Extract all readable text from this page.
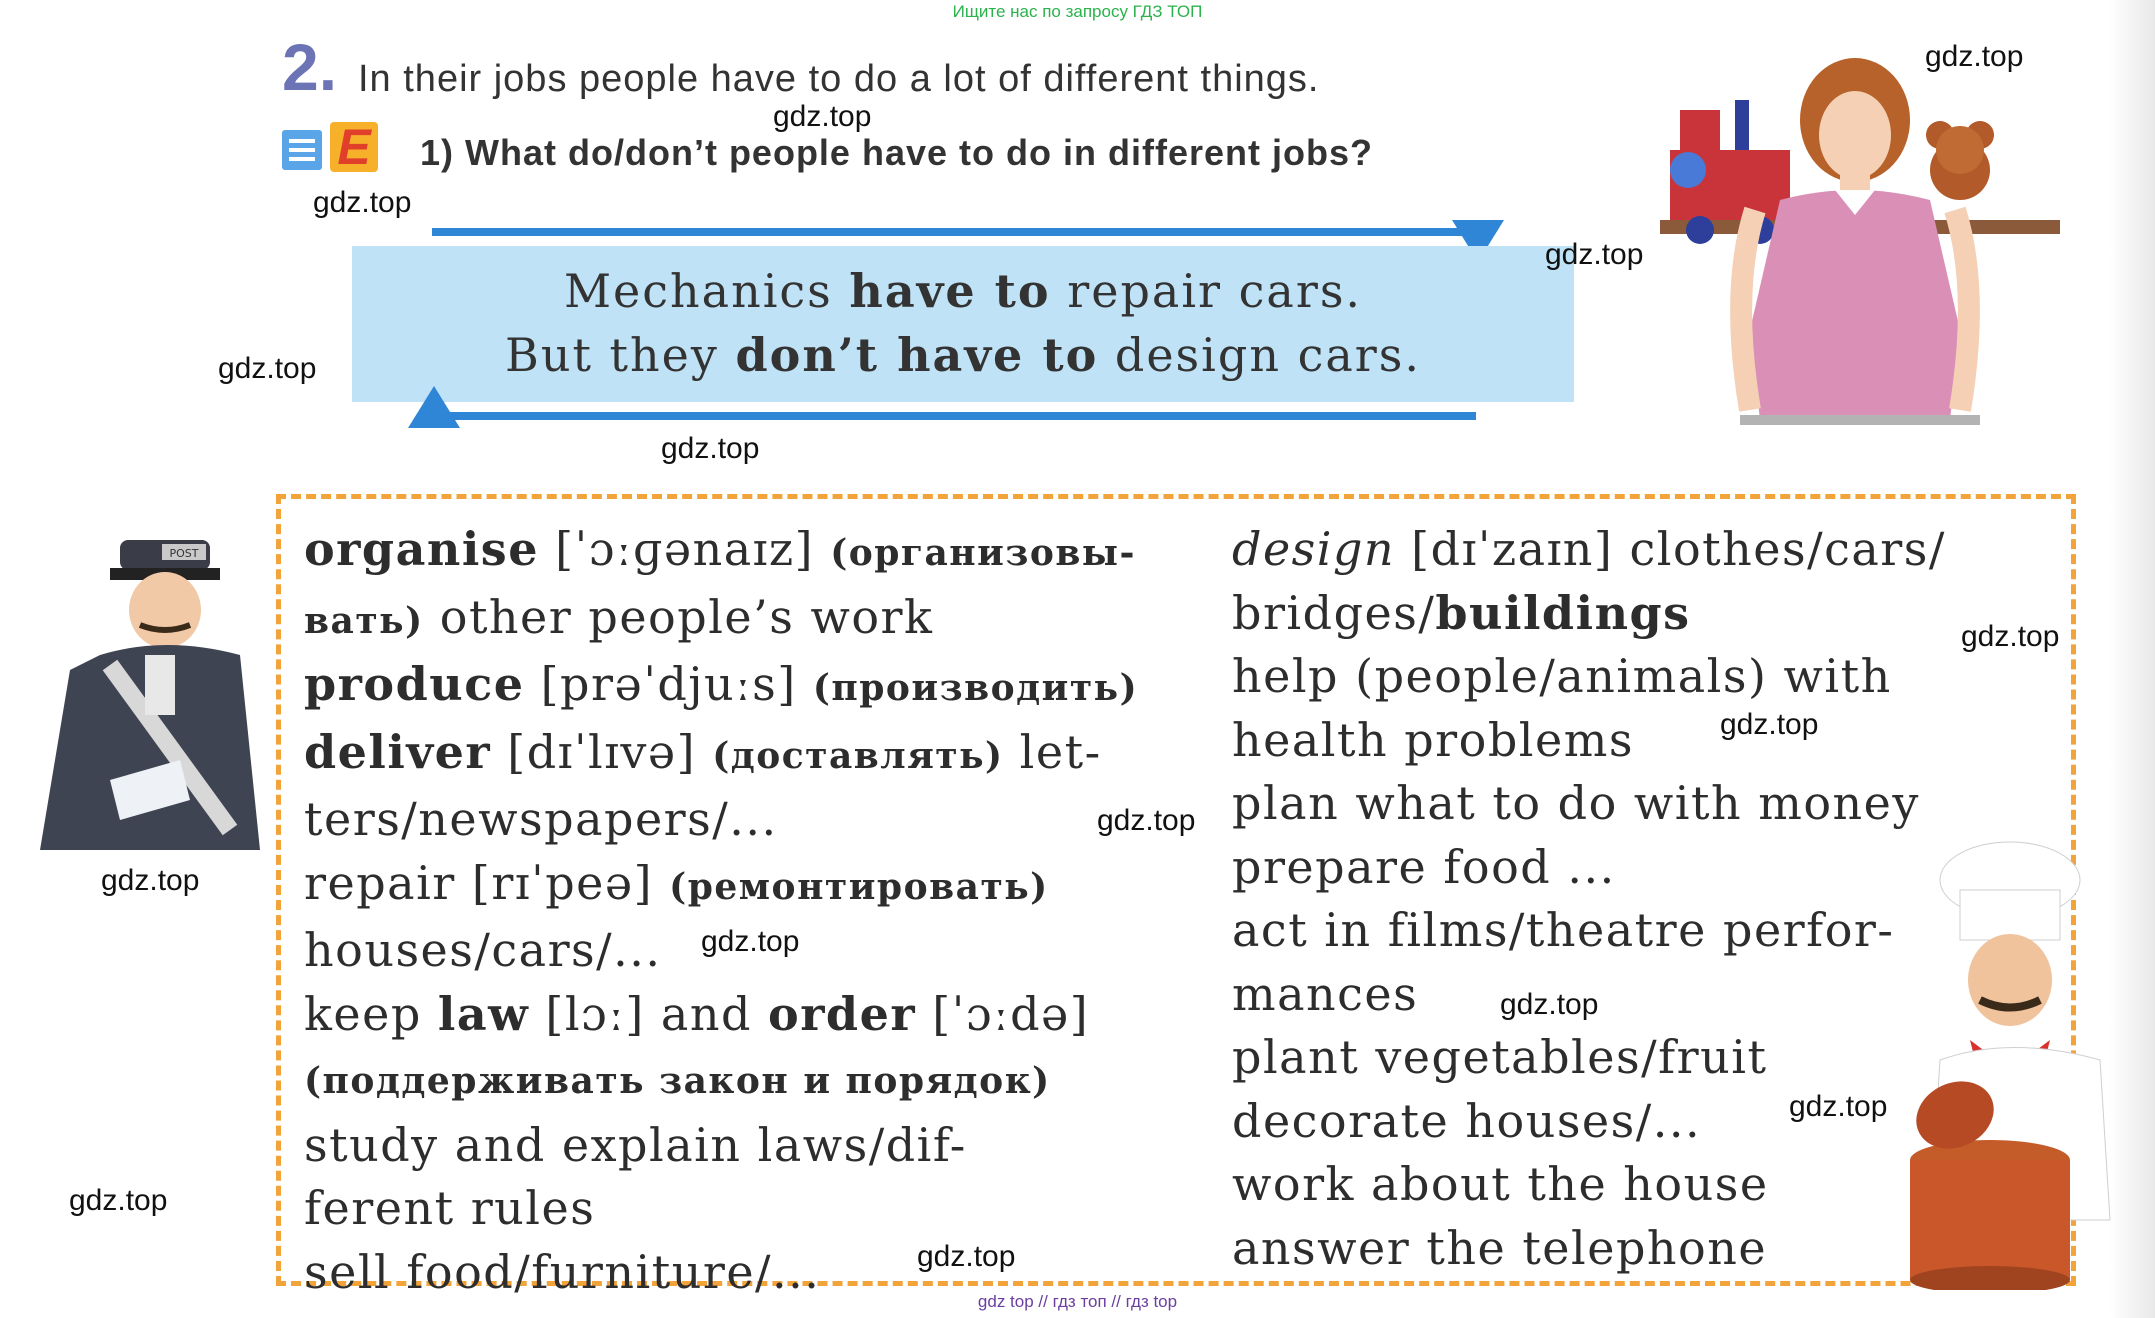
Ищите нас по запросу ГДЗ ТОП
2. In their jobs people have to do a lot of different things.
E 1) What do/don’t people have to do in different jobs?
Mechanics have to repair cars.
But they don’t have to design cars.

organise [ˈɔːɡənaɪz] (организовы-

вать) other people’s work

produce [prəˈdjuːs] (производить)

deliver [dɪˈlɪvə] (доставлять) let-

ters/newspapers/...

repair [rɪˈpeə] (ремонтировать)

houses/cars/...

keep law [lɔː] and order [ˈɔːdə]

(поддерживать закон и порядок)

study and explain laws/dif-

ferent rules

sell food/furniture/...

design [dɪˈzaɪn] clothes/cars/

bridges/buildings

help (people/animals) with

health problems

plan what to do with money

prepare food ...

act in films/theatre perfor-

mances

plant vegetables/fruit

decorate houses/...

work about the house

answer the telephone

POST
gdz.top
gdz.top
gdz.top
gdz.top
gdz.top
gdz.top
gdz.top
gdz.top
gdz.top
gdz.top
gdz.top
gdz.top
gdz.top
gdz.top
gdz.top
gdz top // гдз топ // гдз top
